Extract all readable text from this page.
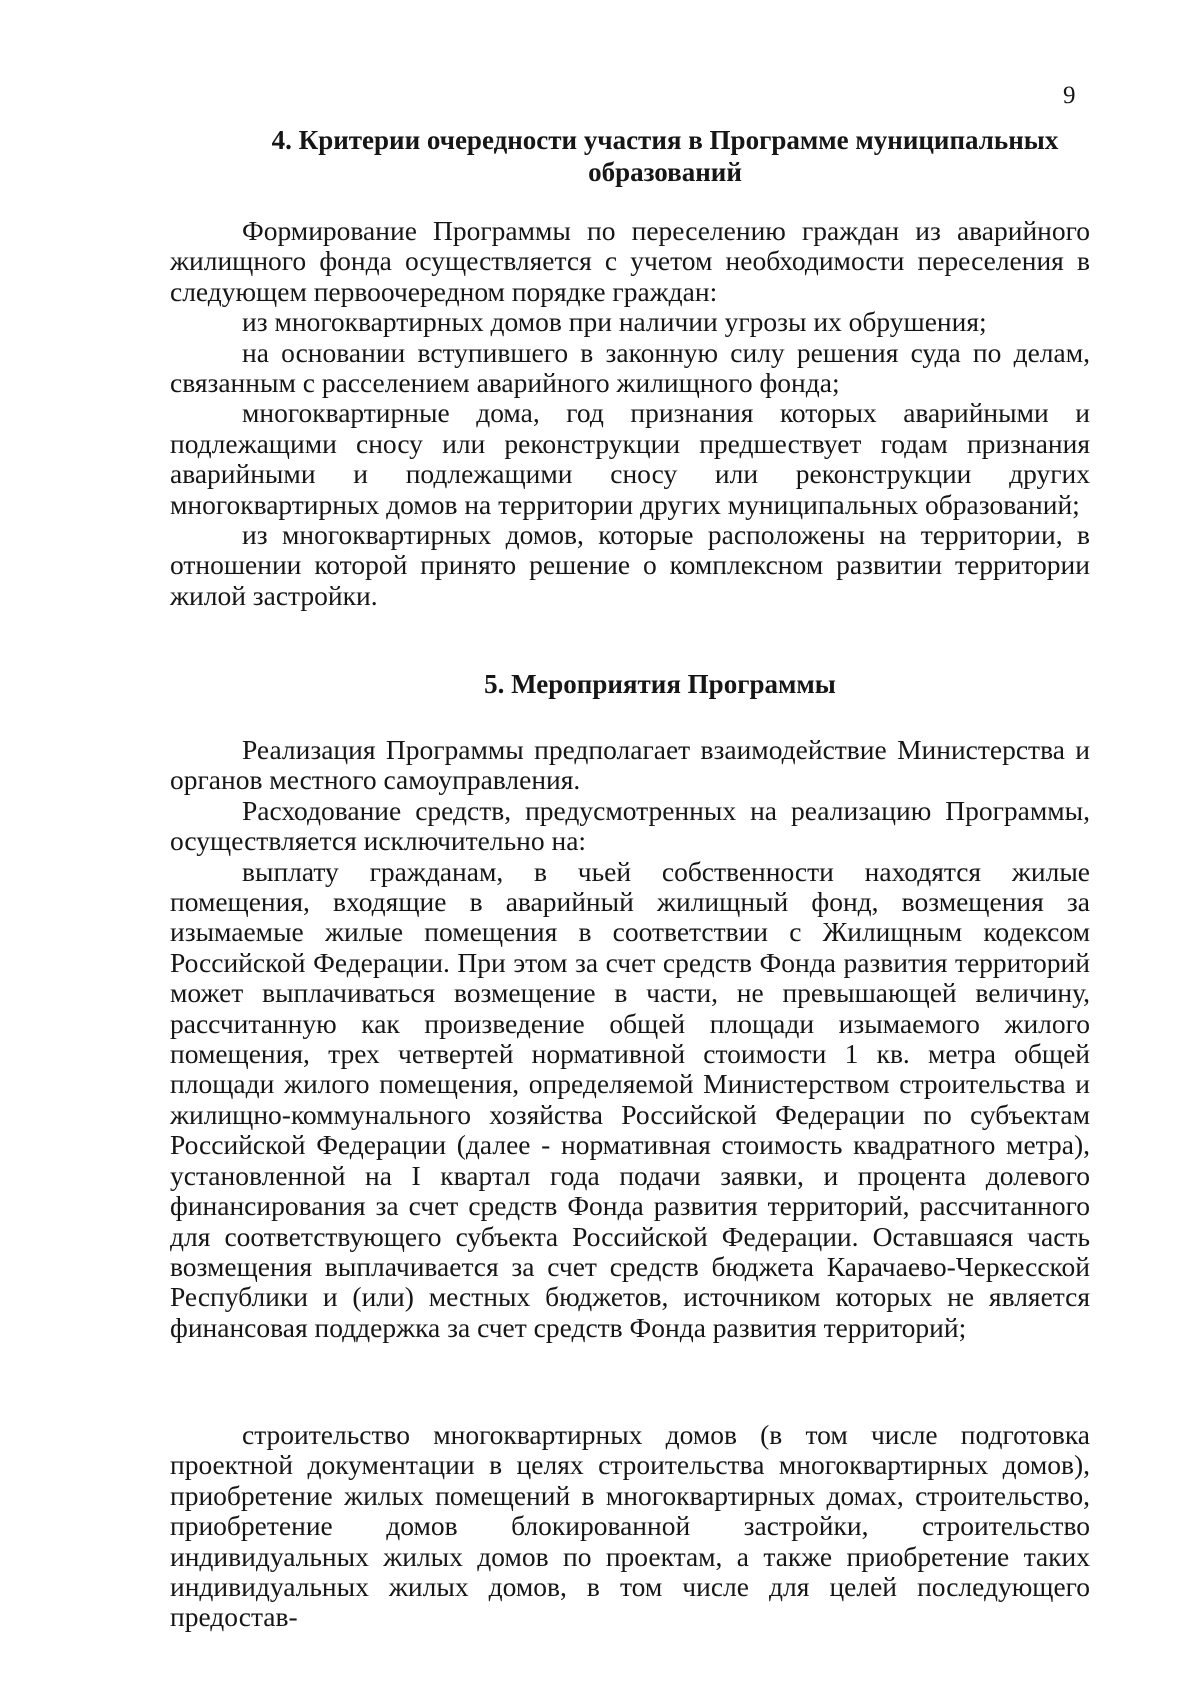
9
4. Критерии очередности участия в Программе муниципальных
образований

Формирование Программы по переселению граждан из аварийного жилищного фонда осуществляется с учетом необходимости переселения в следующем первоочередном порядке граждан:

из многоквартирных домов при наличии угрозы их обрушения;

на основании вступившего в законную силу решения суда по делам, связанным с расселением аварийного жилищного фонда;

многоквартирные дома, год признания которых аварийными и подлежащими сносу или реконструкции предшествует годам признания аварийными и подлежащими сносу или реконструкции других многоквартирных домов на территории других муниципальных образований;

из многоквартирных домов, которые расположены на территории, в отношении которой принято решение о комплексном развитии территории жилой застройки.

5. Мероприятия Программы

Реализация Программы предполагает взаимодействие Министерства и органов местного самоуправления.

Расходование средств, предусмотренных на реализацию Программы, осуществляется исключительно на:

выплату гражданам, в чьей собственности находятся жилые помещения, входящие в аварийный жилищный фонд, возмещения за изымаемые жилые помещения в соответствии с Жилищным кодексом Российской Федерации. При этом за счет средств Фонда развития территорий может выплачиваться возмещение в части, не превышающей величину, рассчитанную как произведение общей площади изымаемого жилого помещения, трех четвертей нормативной стоимости 1 кв. метра общей площади жилого помещения, определяемой Министерством строительства и жилищно-коммунального хозяйства Российской Федерации по субъектам Российской Федерации (далее - нормативная стоимость квадратного метра), установленной на I квартал года подачи заявки, и процента долевого финансирования за счет средств Фонда развития территорий, рассчитанного для соответствующего субъекта Российской Федерации. Оставшаяся часть возмещения выплачивается за счет средств бюджета Карачаево-Черкесской Республики и (или) местных бюджетов, источником которых не является финансовая поддержка за счет средств Фонда развития территорий;

строительство многоквартирных домов (в том числе подготовка проектной документации в целях строительства многоквартирных домов), приобретение жилых помещений в многоквартирных домах, строительство, приобретение домов блокированной застройки, строительство индивидуальных жилых домов по проектам, а также приобретение таких индивидуальных жилых домов, в том числе для целей последующего предостав-
